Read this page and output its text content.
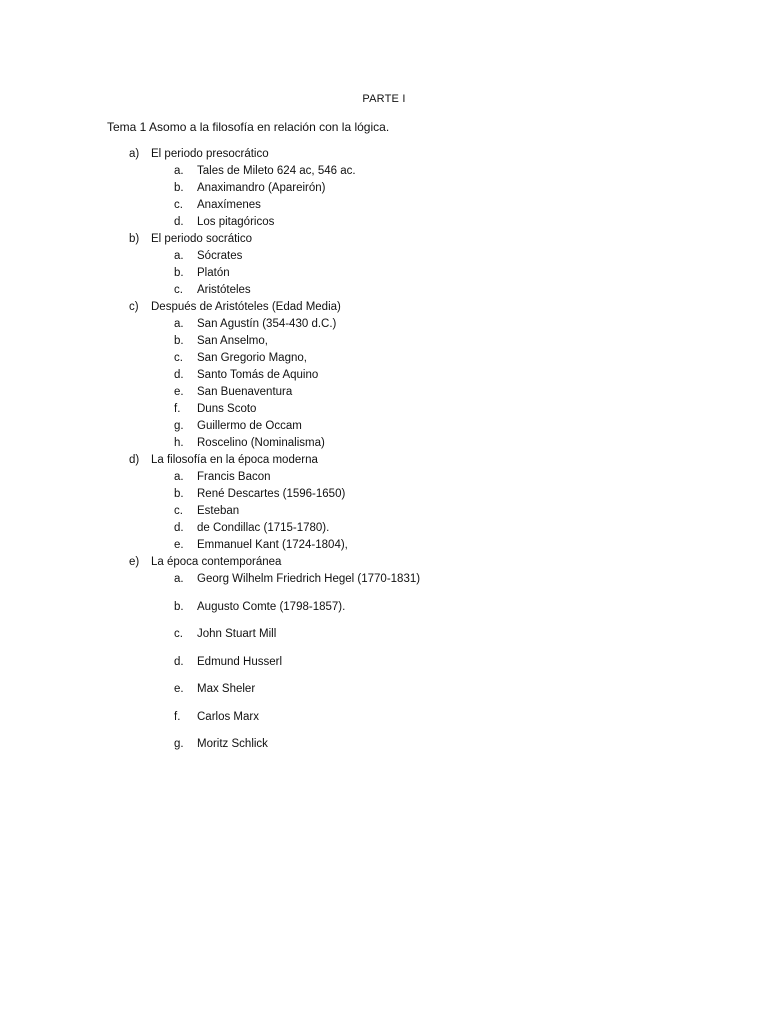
PARTE I
Tema 1 Asomo a la filosofía en relación con la lógica.
a) El periodo presocrático
a. Tales de Mileto 624 ac, 546 ac.
b. Anaximandro (Apareirón)
c. Anaxímenes
d. Los pitagóricos
b) El periodo socrático
a. Sócrates
b. Platón
c. Aristóteles
c) Después de Aristóteles (Edad Media)
a. San Agustín (354-430 d.C.)
b. San Anselmo,
c. San Gregorio Magno,
d. Santo Tomás de Aquino
e. San Buenaventura
f. Duns Scoto
g. Guillermo de Occam
h. Roscelino (Nominalisma)
d) La filosofía en la época moderna
a. Francis Bacon
b. René Descartes (1596-1650)
c. Esteban
d. de Condillac (1715-1780).
e. Emmanuel Kant (1724-1804),
e) La época contemporánea
a. Georg Wilhelm Friedrich Hegel (1770-1831)
b. Augusto Comte (1798-1857).
c. John Stuart Mill
d. Edmund Husserl
e. Max Sheler
f. Carlos Marx
g. Moritz Schlick
